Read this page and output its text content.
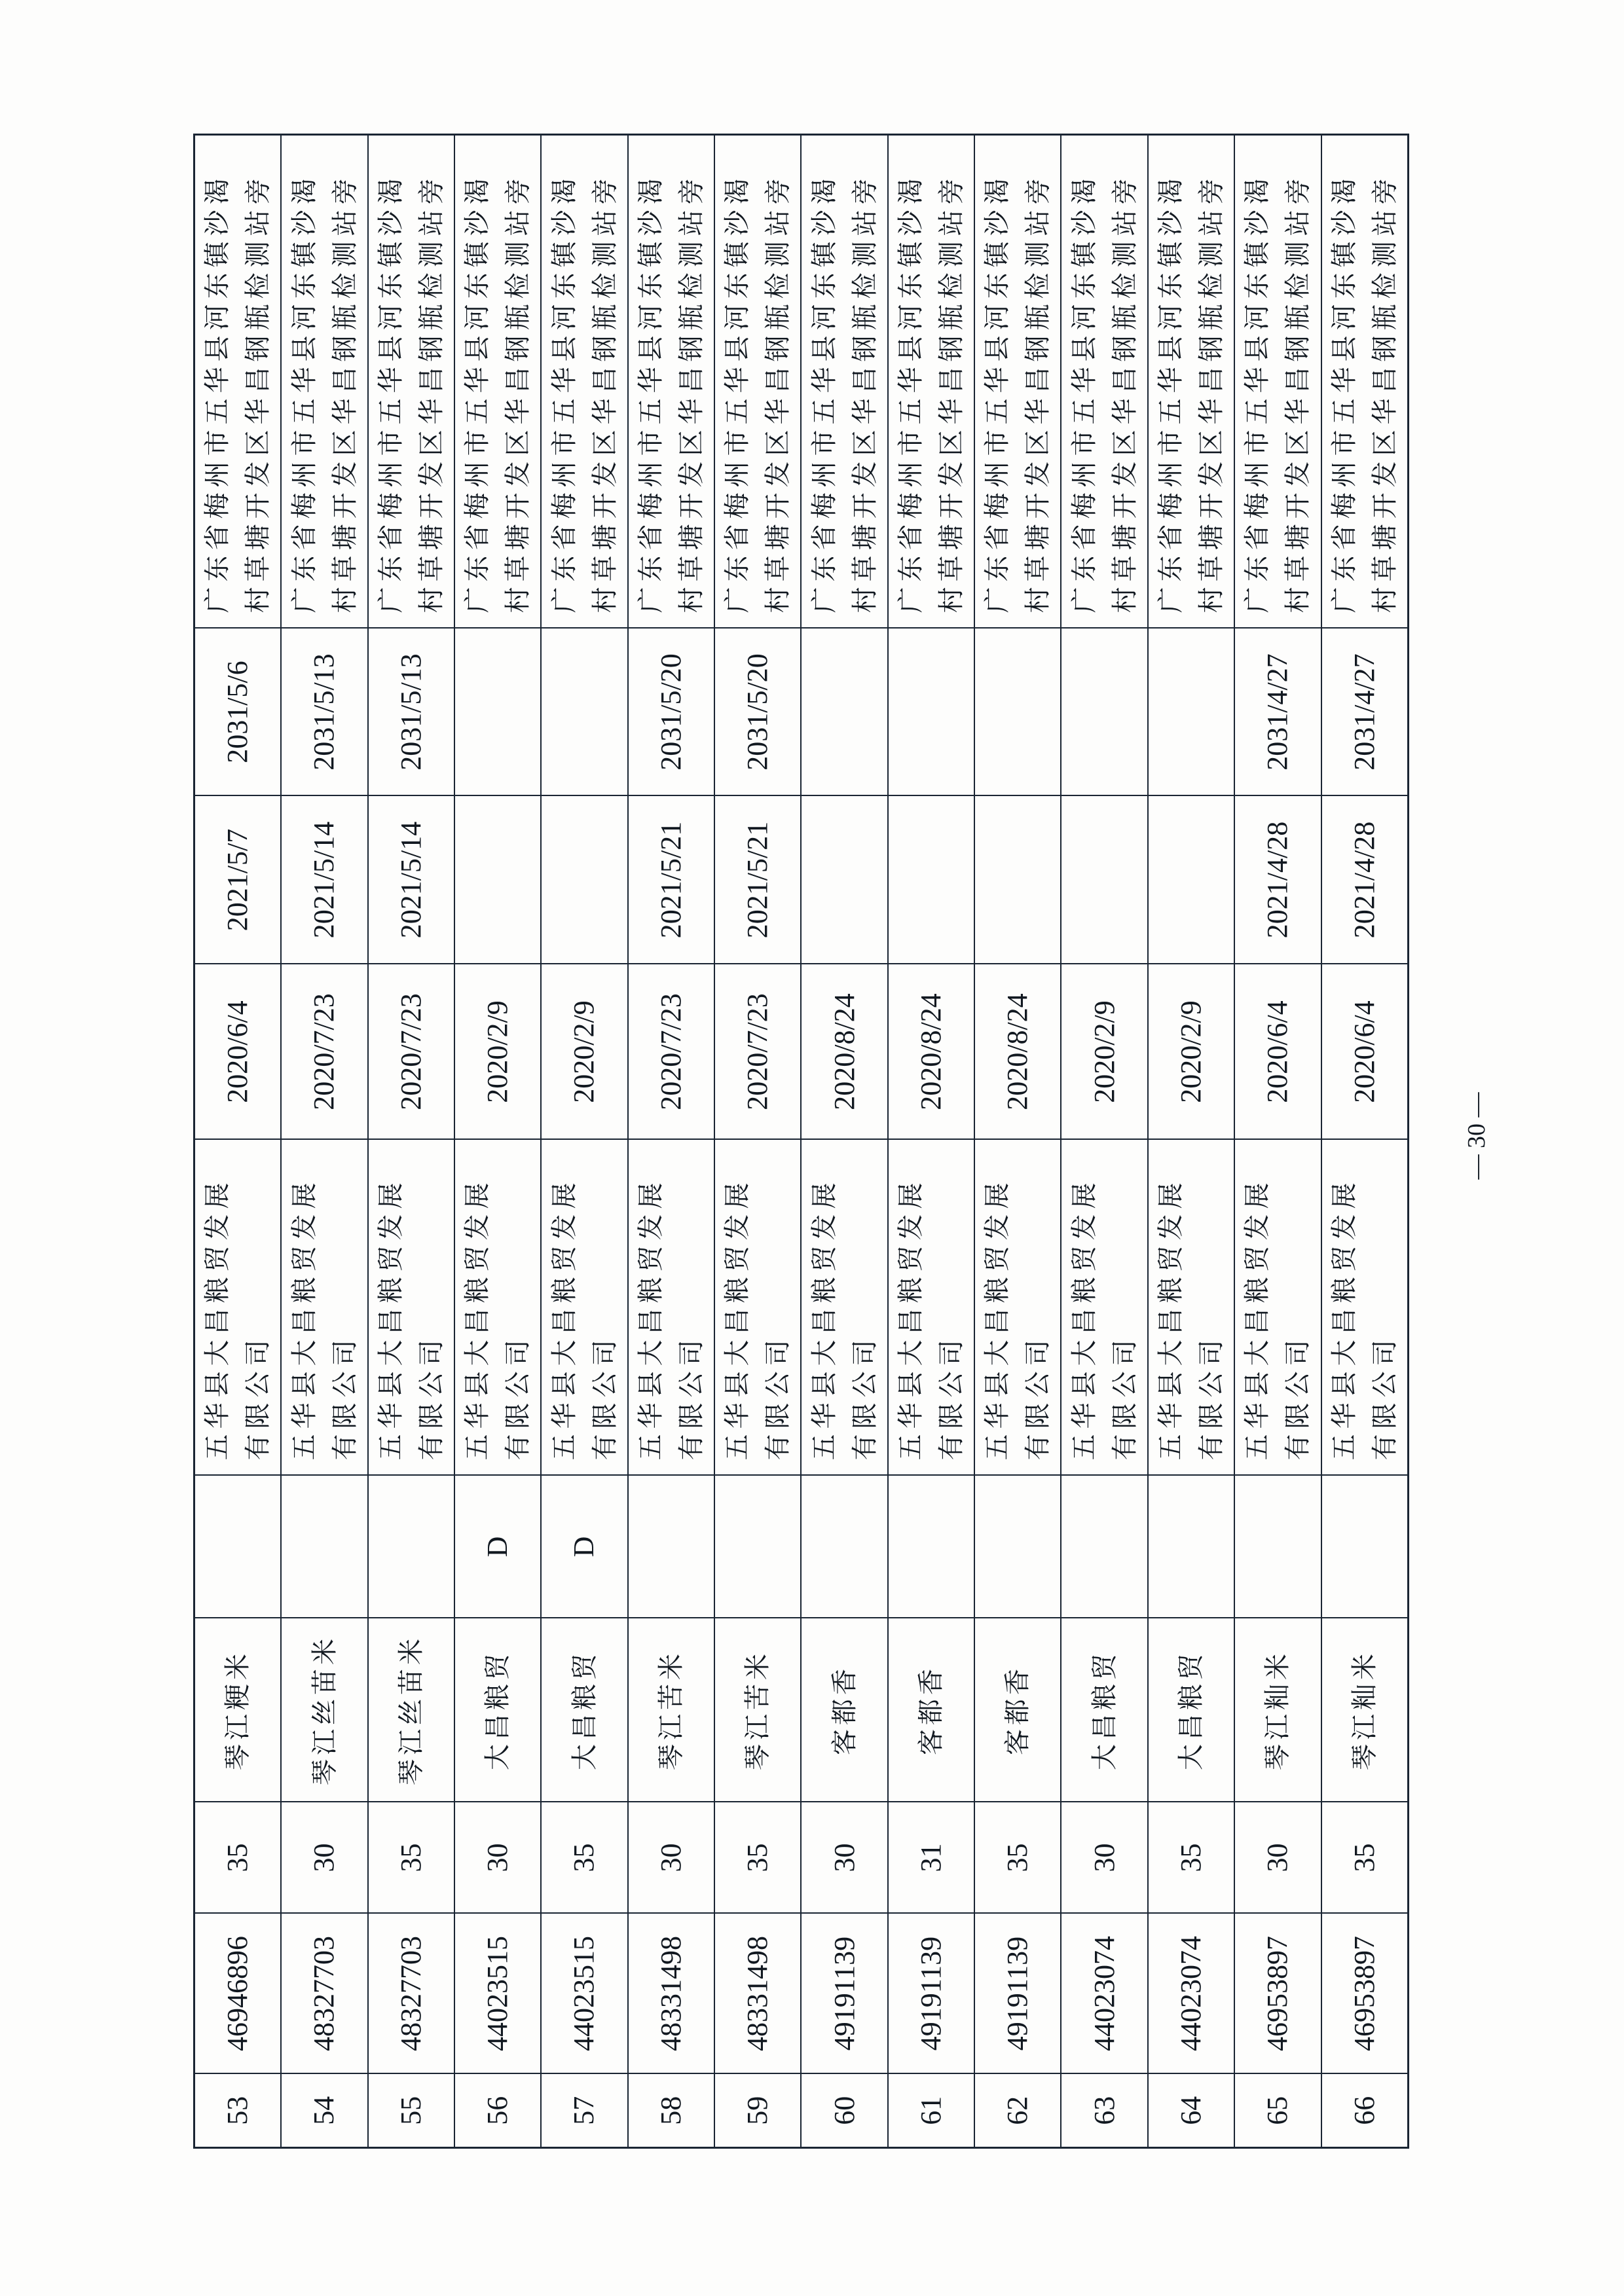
53	46946896	35	琴江粳米		五华县大昌粮贸发展有限公司	2020/6/4	2021/5/7	2031/5/6	广东省梅州市五华县河东镇沙渴村草塘开发区华昌钢瓶检测站旁

54	48327703	30	琴江丝苗米		五华县大昌粮贸发展有限公司	2020/7/23	2021/5/14	2031/5/13	广东省梅州市五华县河东镇沙渴村草塘开发区华昌钢瓶检测站旁

55	48327703	35	琴江丝苗米		五华县大昌粮贸发展有限公司	2020/7/23	2021/5/14	2031/5/13	广东省梅州市五华县河东镇沙渴村草塘开发区华昌钢瓶检测站旁

56	44023515	30	大昌粮贸	D	五华县大昌粮贸发展有限公司	2020/2/9			广东省梅州市五华县河东镇沙渴村草塘开发区华昌钢瓶检测站旁

57	44023515	35	大昌粮贸	D	五华县大昌粮贸发展有限公司	2020/2/9			广东省梅州市五华县河东镇沙渴村草塘开发区华昌钢瓶检测站旁

58	48331498	30	琴江苦米		五华县大昌粮贸发展有限公司	2020/7/23	2021/5/21	2031/5/20	广东省梅州市五华县河东镇沙渴村草塘开发区华昌钢瓶检测站旁

59	48331498	35	琴江苦米		五华县大昌粮贸发展有限公司	2020/7/23	2021/5/21	2031/5/20	广东省梅州市五华县河东镇沙渴村草塘开发区华昌钢瓶检测站旁

60	49191139	30	客都香		五华县大昌粮贸发展有限公司	2020/8/24			广东省梅州市五华县河东镇沙渴村草塘开发区华昌钢瓶检测站旁

61	49191139	31	客都香		五华县大昌粮贸发展有限公司	2020/8/24			广东省梅州市五华县河东镇沙渴村草塘开发区华昌钢瓶检测站旁

62	49191139	35	客都香		五华县大昌粮贸发展有限公司	2020/8/24			广东省梅州市五华县河东镇沙渴村草塘开发区华昌钢瓶检测站旁

63	44023074	30	大昌粮贸		五华县大昌粮贸发展有限公司	2020/2/9			广东省梅州市五华县河东镇沙渴村草塘开发区华昌钢瓶检测站旁

64	44023074	35	大昌粮贸		五华县大昌粮贸发展有限公司	2020/2/9			广东省梅州市五华县河东镇沙渴村草塘开发区华昌钢瓶检测站旁

65	46953897	30	琴江籼米		五华县大昌粮贸发展有限公司	2020/6/4	2021/4/28	2031/4/27	广东省梅州市五华县河东镇沙渴村草塘开发区华昌钢瓶检测站旁

66	46953897	35	琴江籼米		五华县大昌粮贸发展有限公司	2020/6/4	2021/4/28	2031/4/27	广东省梅州市五华县河东镇沙渴村草塘开发区华昌钢瓶检测站旁
— 30 —
